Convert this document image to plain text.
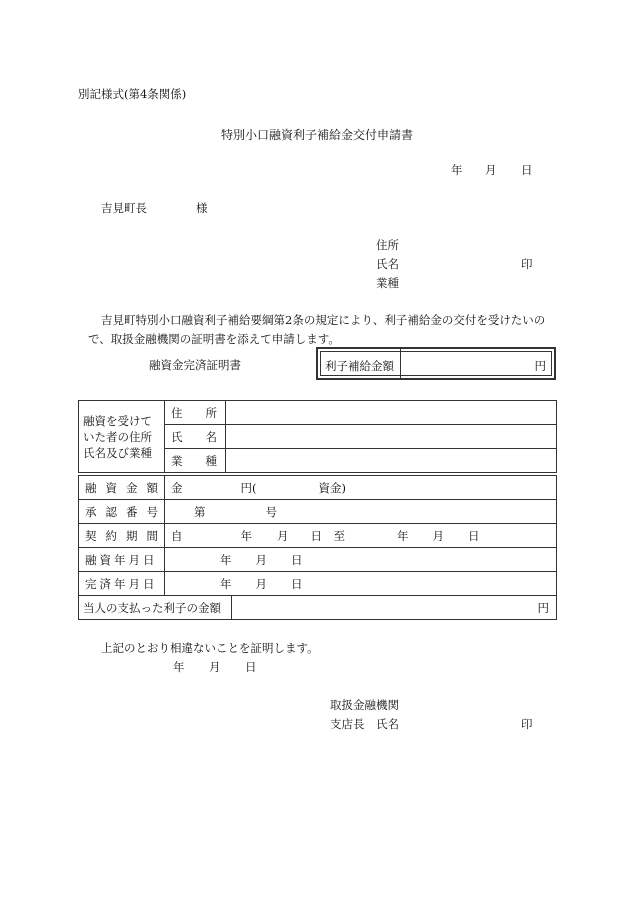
別記様式(第4条関係)
特別小口融資利子補給金交付申請書
年 月 日
吉見町長	様
住所
氏名	印
業種
吉見町特別小口融資利子補給要綱第2条の規定により、利子補給金の交付を受けたいの
で、取扱金融機関の証明書を添えて申請します。
融資金完済証明書	利子補給金額	円
融資を受けて
いた者の住所
氏名及び業種	住　　所		
	氏　　名		
	業　　種		

融資金額	金 円( 資金)		
承認番号	第 号		
契約期間	自 年 月 日　至 年 月 日		
融資年月日	年 月 日		
完済年月日	年 月 日		
当人の支払った利子の金額			円
上記のとおり相違ないことを証明します。
年 月 日
取扱金融機関
支店長　氏名	印
